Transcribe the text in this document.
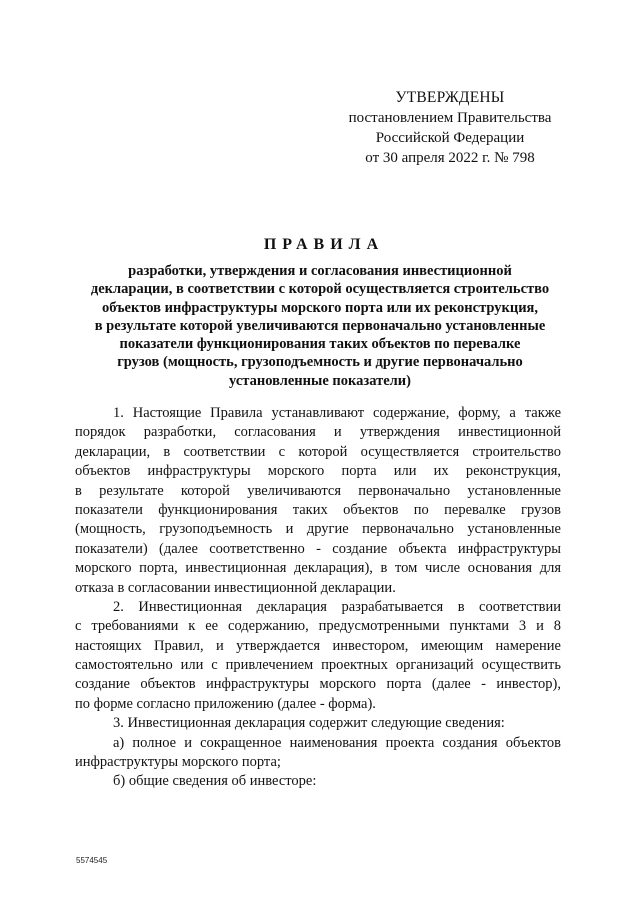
УТВЕРЖДЕНЫ
постановлением Правительства
Российской Федерации
от 30 апреля 2022 г. № 798
ПРАВИЛА
разработки, утверждения и согласования инвестиционной
декларации, в соответствии с которой осуществляется строительство
объектов инфраструктуры морского порта или их реконструкция,
в результате которой увеличиваются первоначально установленные
показатели функционирования таких объектов по перевалке
грузов (мощность, грузоподъемность и другие первоначально
установленные показатели)
1. Настоящие Правила устанавливают содержание, форму, а также
порядок разработки, согласования и утверждения инвестиционной
декларации, в соответствии с которой осуществляется строительство
объектов инфраструктуры морского порта или их реконструкция,
в результате которой увеличиваются первоначально установленные
показатели функционирования таких объектов по перевалке грузов
(мощность, грузоподъемность и другие первоначально установленные
показатели) (далее соответственно - создание объекта инфраструктуры
морского порта, инвестиционная декларация), в том числе основания для
отказа в согласовании инвестиционной декларации.
2. Инвестиционная декларация разрабатывается в соответствии
с требованиями к ее содержанию, предусмотренными пунктами 3 и 8
настоящих Правил, и утверждается инвестором, имеющим намерение
самостоятельно или с привлечением проектных организаций осуществить
создание объектов инфраструктуры морского порта (далее - инвестор),
по форме согласно приложению (далее - форма).
3. Инвестиционная декларация содержит следующие сведения:
а) полное и сокращенное наименования проекта создания объектов
инфраструктуры морского порта;
б) общие сведения об инвесторе:
5574545
